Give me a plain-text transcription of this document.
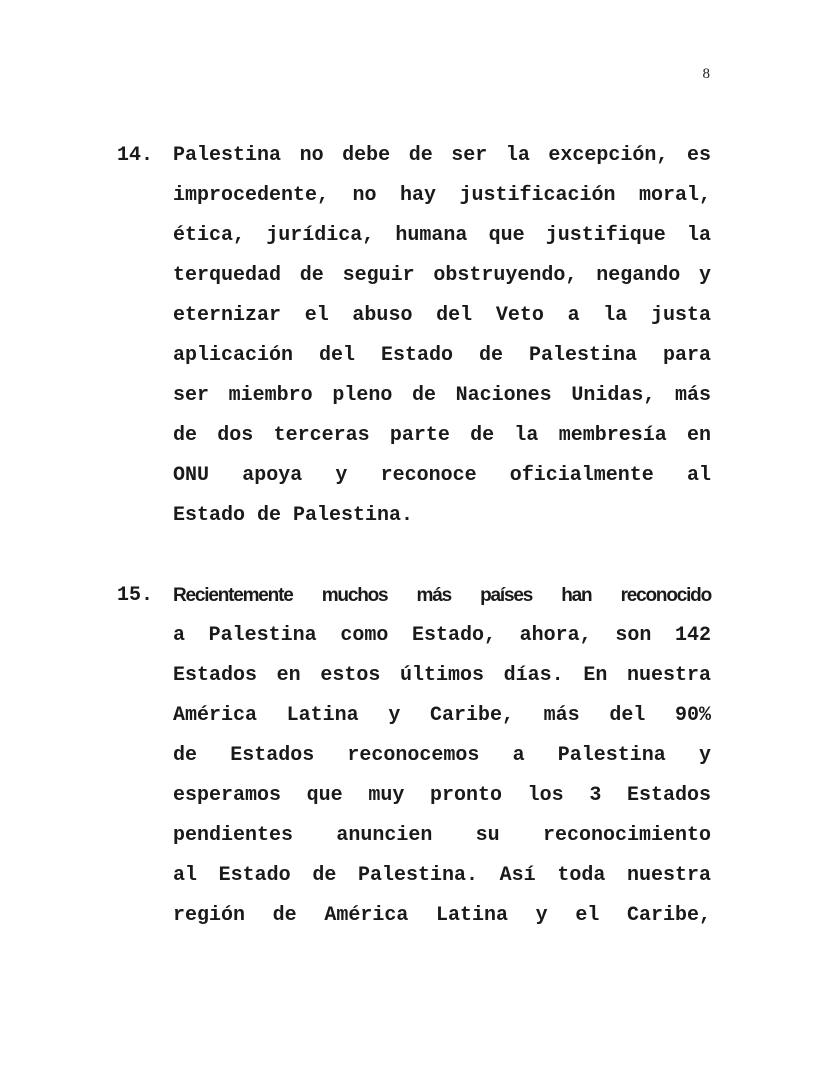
8
14. Palestina no debe de ser la excepción, es
improcedente, no hay justificación moral,
ética, jurídica, humana que justifique la
terquedad de seguir obstruyendo, negando y
eternizar el abuso del Veto a la justa
aplicación del Estado de Palestina para
ser miembro pleno de Naciones Unidas, más
de dos terceras parte de la membresía en
ONU apoya y reconoce oficialmente al
Estado de Palestina.
15. Recientemente muchos más países han reconocido
a Palestina como Estado, ahora, son 142
Estados en estos últimos días. En nuestra
América Latina y Caribe, más del 90%
de Estados reconocemos a Palestina y
esperamos que muy pronto los 3 Estados
pendientes anuncien su reconocimiento
al Estado de Palestina. Así toda nuestra
región de América Latina y el Caribe,
